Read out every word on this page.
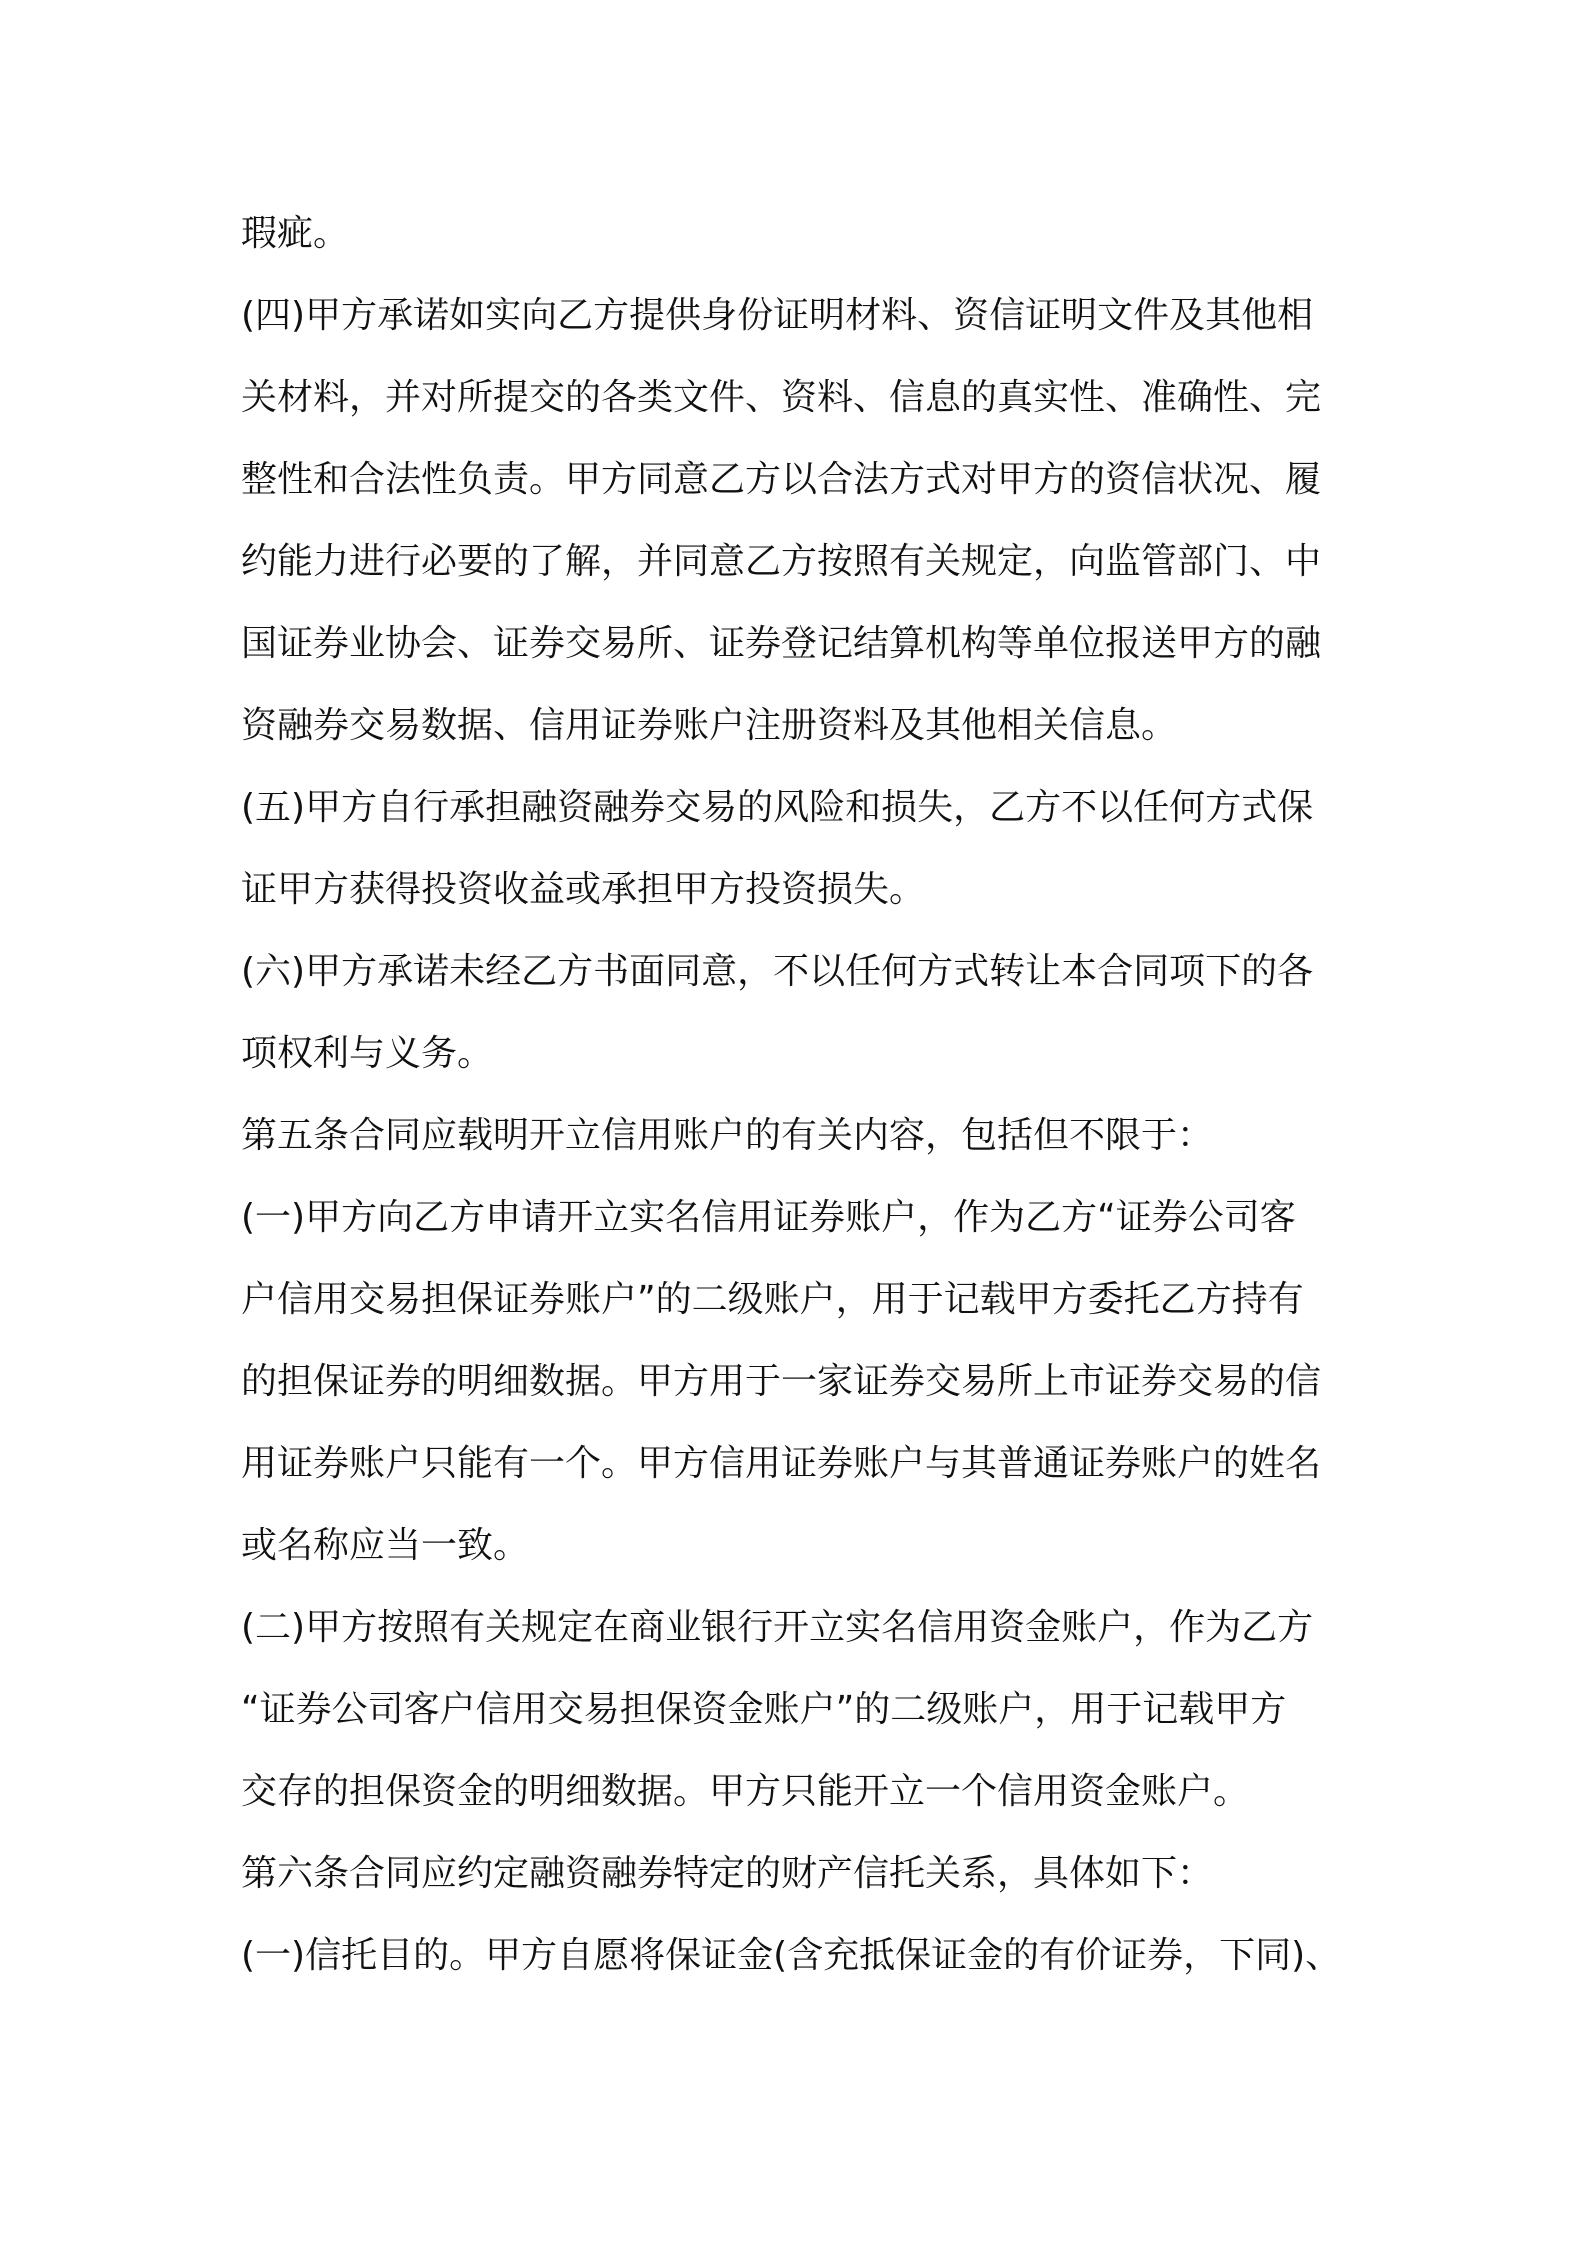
瑕疵。
(四)甲方承诺如实向乙方提供身份证明材料、资信证明文件及其他相
关材料，并对所提交的各类文件、资料、信息的真实性、准确性、完
整性和合法性负责。甲方同意乙方以合法方式对甲方的资信状况、履
约能力进行必要的了解，并同意乙方按照有关规定，向监管部门、中
国证券业协会、证券交易所、证券登记结算机构等单位报送甲方的融
资融券交易数据、信用证券账户注册资料及其他相关信息。
(五)甲方自行承担融资融券交易的风险和损失，乙方不以任何方式保
证甲方获得投资收益或承担甲方投资损失。
(六)甲方承诺未经乙方书面同意，不以任何方式转让本合同项下的各
项权利与义务。
第五条合同应载明开立信用账户的有关内容，包括但不限于：
(一)甲方向乙方申请开立实名信用证券账户，作为乙方“证券公司客
户信用交易担保证券账户”的二级账户，用于记载甲方委托乙方持有
的担保证券的明细数据。甲方用于一家证券交易所上市证券交易的信
用证券账户只能有一个。甲方信用证券账户与其普通证券账户的姓名
或名称应当一致。
(二)甲方按照有关规定在商业银行开立实名信用资金账户，作为乙方
“证券公司客户信用交易担保资金账户”的二级账户，用于记载甲方
交存的担保资金的明细数据。甲方只能开立一个信用资金账户。
第六条合同应约定融资融券特定的财产信托关系，具体如下：
(一)信托目的。甲方自愿将保证金(含充抵保证金的有价证券，下同)、
